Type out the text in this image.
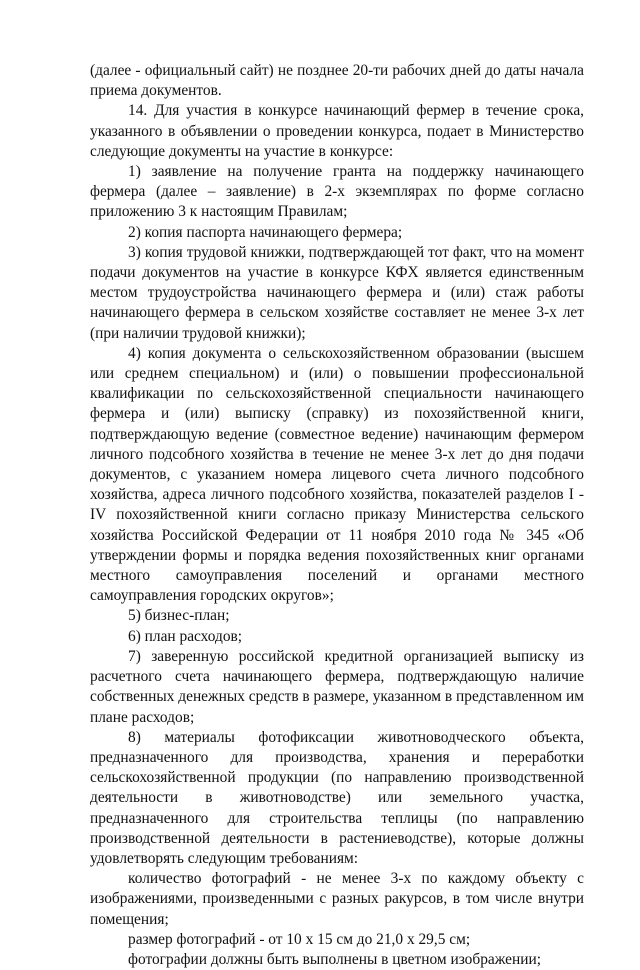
(далее - официальный сайт) не позднее 20-ти рабочих дней до даты начала приема документов.

14. Для участия в конкурсе начинающий фермер в течение срока, указанного в объявлении о проведении конкурса, подает в Министерство следующие документы на участие в конкурсе:

1) заявление на получение гранта на поддержку начинающего фермера (далее – заявление) в 2-х экземплярах по форме согласно приложению 3 к настоящим Правилам;

2) копия паспорта начинающего фермера;

3) копия трудовой книжки, подтверждающей тот факт, что на момент подачи документов на участие в конкурсе КФХ является единственным местом трудоустройства начинающего фермера и (или) стаж работы начинающего фермера в сельском хозяйстве составляет не менее 3-х лет (при наличии трудовой книжки);

4) копия документа о сельскохозяйственном образовании (высшем или среднем специальном) и (или) о повышении профессиональной квалификации по сельскохозяйственной специальности начинающего фермера и (или) выписку (справку) из похозяйственной книги, подтверждающую ведение (совместное ведение) начинающим фермером личного подсобного хозяйства в течение не менее 3-х лет до дня подачи документов, с указанием номера лицевого счета личного подсобного хозяйства, адреса личного подсобного хозяйства, показателей разделов I - IV похозяйственной книги согласно приказу Министерства сельского хозяйства Российской Федерации от 11 ноября 2010 года № 345 «Об утверждении формы и порядка ведения похозяйственных книг органами местного самоуправления поселений и органами местного самоуправления городских округов»;

5) бизнес-план;

6) план расходов;

7) заверенную российской кредитной организацией выписку из расчетного счета начинающего фермера, подтверждающую наличие собственных денежных средств в размере, указанном в представленном им плане расходов;

8) материалы фотофиксации животноводческого объекта, предназначенного для производства, хранения и переработки сельскохозяйственной продукции (по направлению производственной деятельности в животноводстве) или земельного участка, предназначенного для строительства теплицы (по направлению производственной деятельности в растениеводстве), которые должны удовлетворять следующим требованиям:

количество фотографий - не менее 3-х по каждому объекту с изображениями, произведенными с разных ракурсов, в том числе внутри помещения;

размер фотографий - от 10 х 15 см до 21,0 х 29,5 см;

фотографии должны быть выполнены в цветном изображении;
